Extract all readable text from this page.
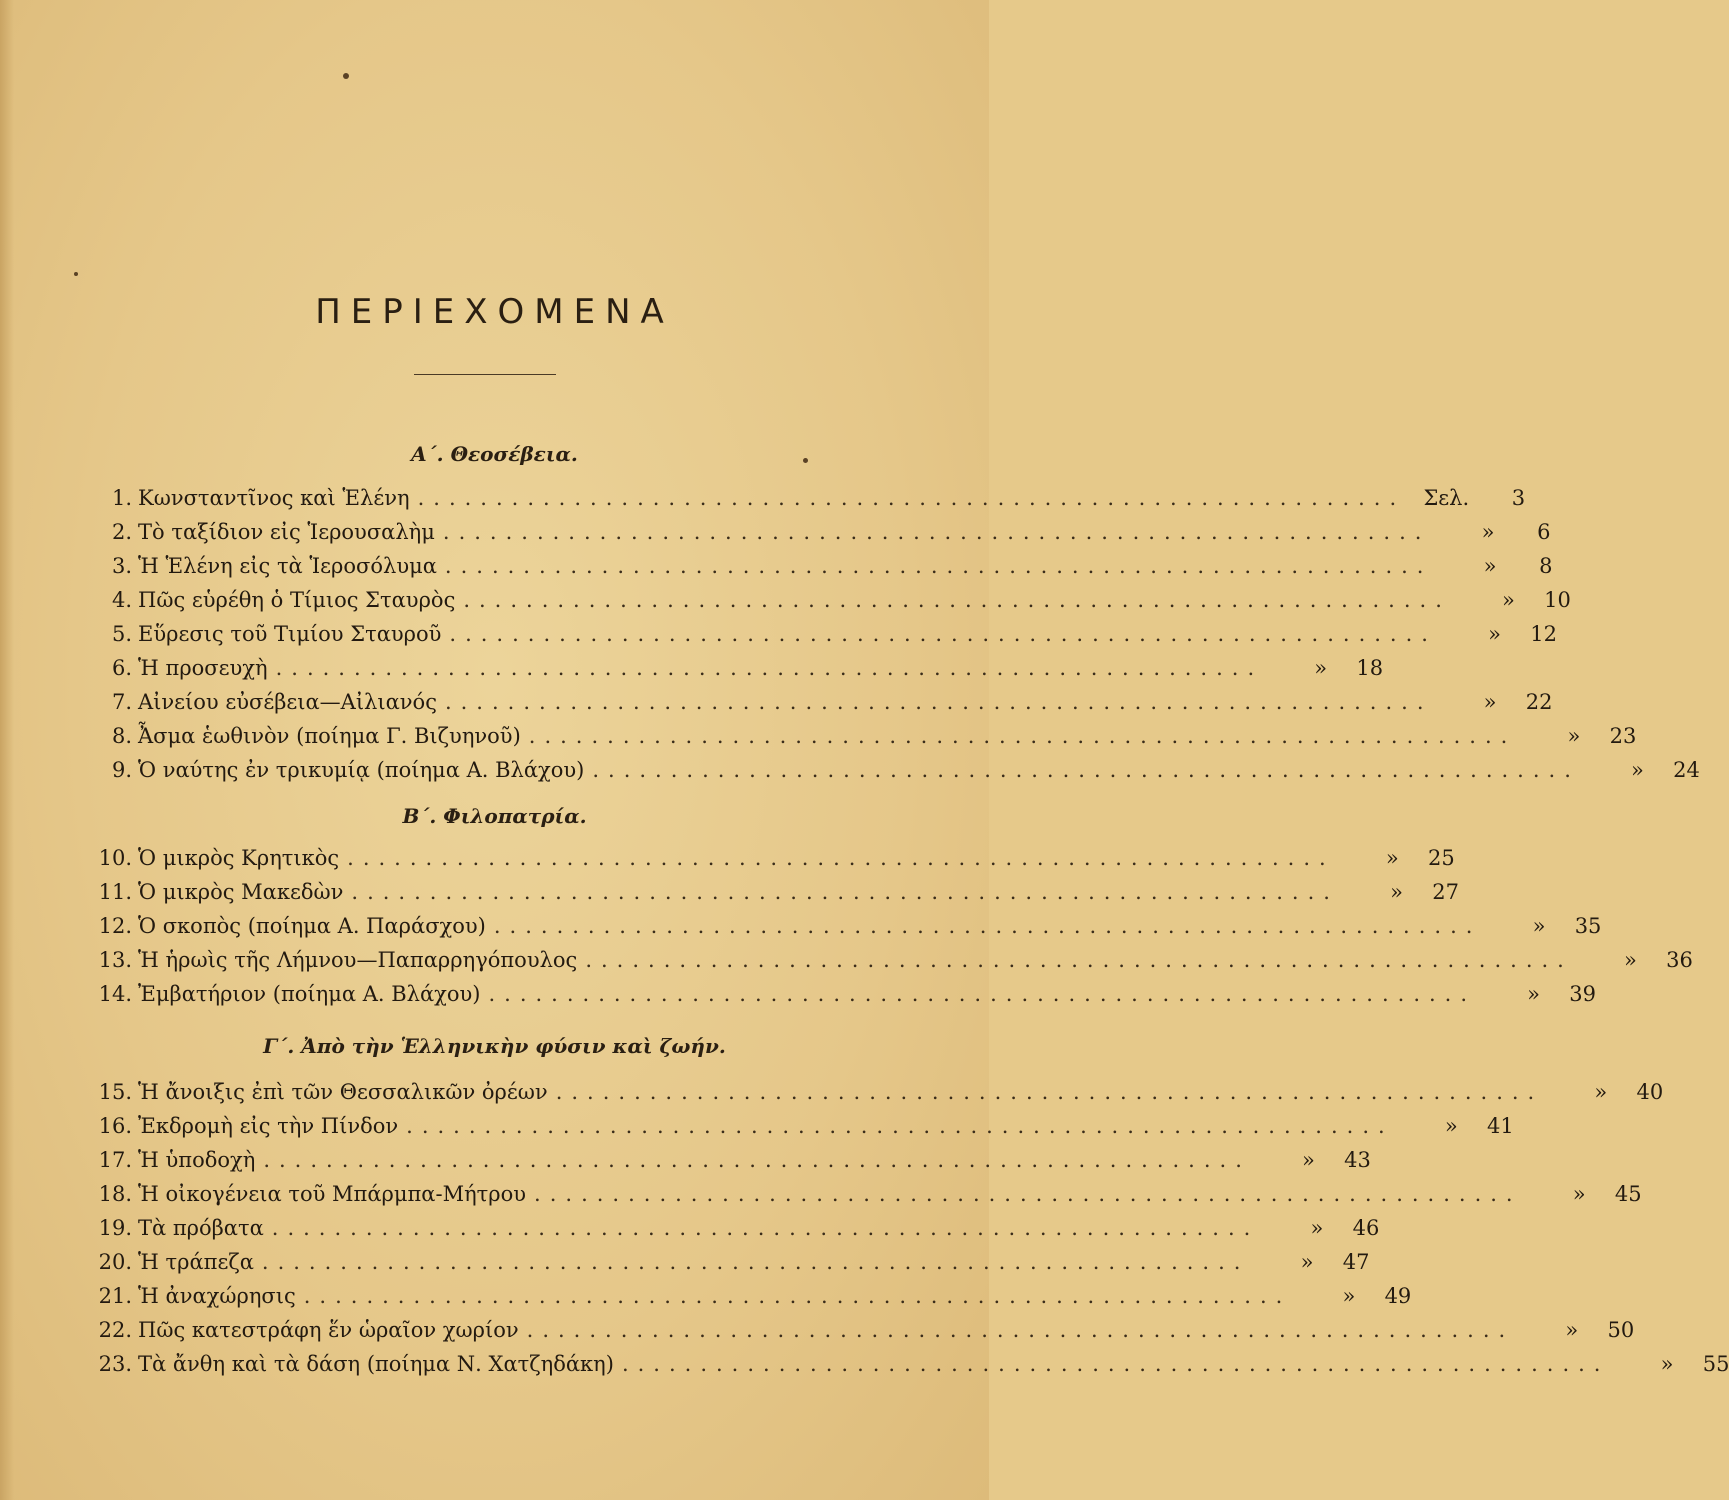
ΠΕΡΙΕΧΟΜΕΝΑ
Α΄. Θεοσέβεια.
1. Κωνσταντῖνος καὶ Ἑλένη ............................................................... Σελ.	3
2. Τὸ ταξίδιον εἰς Ἱερουσαλὴμ ...............................................................	»	6
3. Ἡ Ἑλένη εἰς τὰ Ἱεροσόλυμα ...............................................................	»	8
4. Πῶς εὑρέθη ὁ Τίμιος Σταυρὸς ...............................................................	»	10
5. Εὕρεσις τοῦ Τιμίου Σταυροῦ ...............................................................	»	12
6. Ἡ προσευχὴ ...............................................................	»	18
7. Αἰνείου εὐσέβεια—Αἰλιανός ...............................................................	»	22
8. Ἆσμα ἑωθινὸν (ποίημα Γ. Βιζυηνοῦ) ...............................................................	»	23
9. Ὁ ναύτης ἐν τρικυμίᾳ (ποίημα Α. Βλάχου) ...............................................................	»	24
Β΄. Φιλοπατρία.
10. Ὁ μικρὸς Κρητικὸς ...............................................................	»	25
11. Ὁ μικρὸς Μακεδὼν ...............................................................	»	27
12. Ὁ σκοπὸς (ποίημα Α. Παράσχου) ...............................................................	»	35
13. Ἡ ἡρωὶς τῆς Λήμνου—Παπαρρηγόπουλος ...............................................................	»	36
14. Ἐμβατήριον (ποίημα Α. Βλάχου) ...............................................................	»	39
Γ΄. Ἀπὸ τὴν Ἑλληνικὴν φύσιν καὶ ζωήν.
15. Ἡ ἄνοιξις ἐπὶ τῶν Θεσσαλικῶν ὀρέων ...............................................................	»	40
16. Ἐκδρομὴ εἰς τὴν Πίνδον ...............................................................	»	41
17. Ἡ ὑποδοχὴ ...............................................................	»	43
18. Ἡ οἰκογένεια τοῦ Μπάρμπα-Μήτρου ...............................................................	»	45
19. Τὰ πρόβατα ...............................................................	»	46
20. Ἡ τράπεζα ...............................................................	»	47
21. Ἡ ἀναχώρησις ...............................................................	»	49
22. Πῶς κατεστράφη ἕν ὡραῖον χωρίον ...............................................................	»	50
23. Τὰ ἄνθη καὶ τὰ δάση (ποίημα Ν. Χατζηδάκη) ...............................................................	»	55
